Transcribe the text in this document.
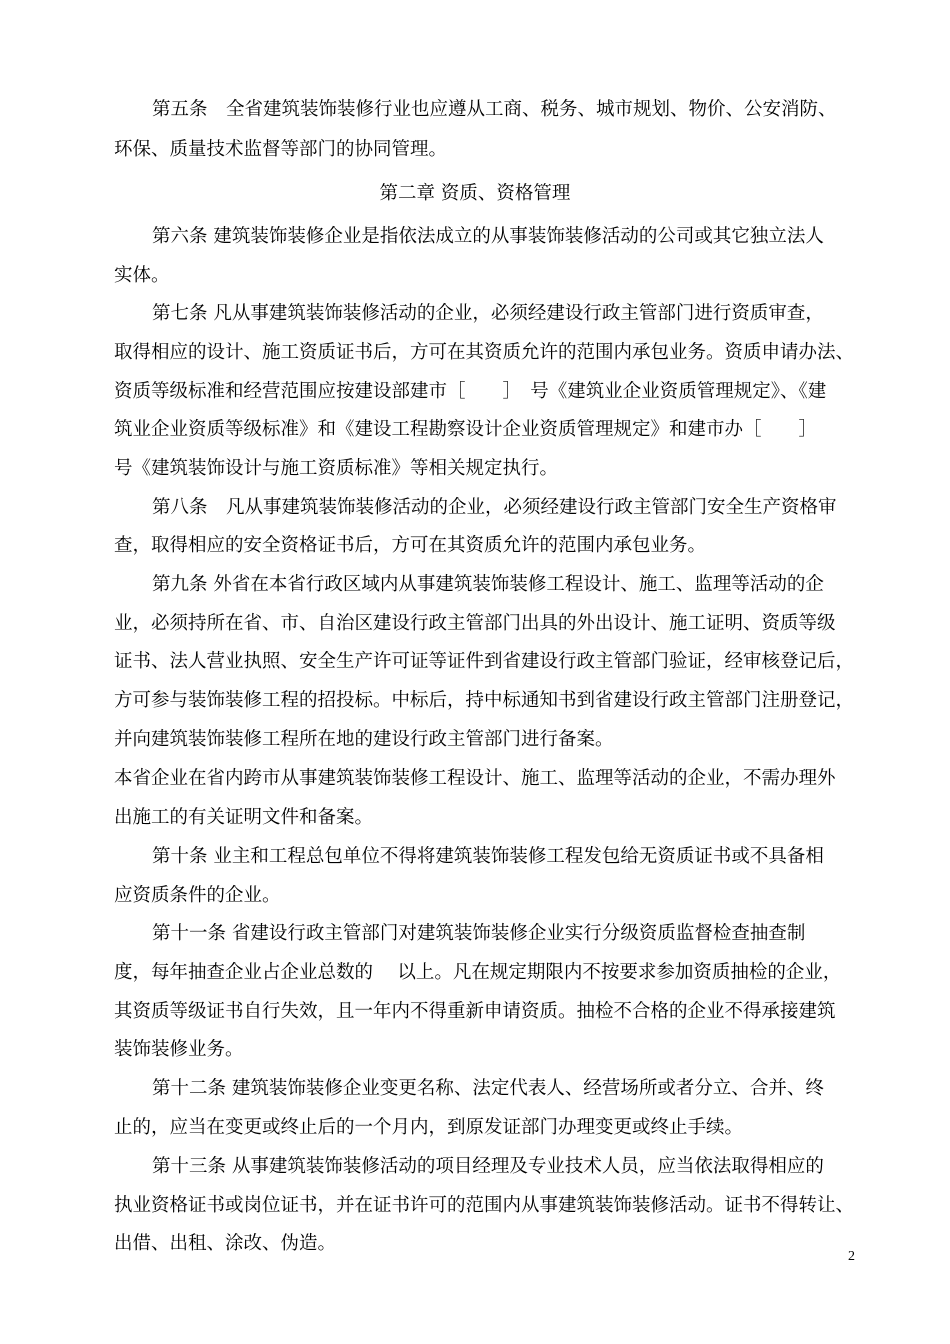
第五条　全省建筑装饰装修行业也应遵从工商、税务、城市规划、物价、公安消防、
环保、质量技术监督等部门的协同管理。
第二章 资质、资格管理
第六条 建筑装饰装修企业是指依法成立的从事装饰装修活动的公司或其它独立法人
实体。
第七条 凡从事建筑装饰装修活动的企业，必须经建设行政主管部门进行资质审查，
取得相应的设计、施工资质证书后，方可在其资质允许的范围内承包业务。资质申请办法、
资质等级标准和经营范围应按建设部建市［　　］　号《建筑业企业资质管理规定》、《建
筑业企业资质等级标准》和《建设工程勘察设计企业资质管理规定》和建市办［　　］
号《建筑装饰设计与施工资质标准》等相关规定执行。
第八条　凡从事建筑装饰装修活动的企业，必须经建设行政主管部门安全生产资格审
查，取得相应的安全资格证书后，方可在其资质允许的范围内承包业务。
第九条 外省在本省行政区域内从事建筑装饰装修工程设计、施工、监理等活动的企
业，必须持所在省、市、自治区建设行政主管部门出具的外出设计、施工证明、资质等级
证书、法人营业执照、安全生产许可证等证件到省建设行政主管部门验证，经审核登记后，
方可参与装饰装修工程的招投标。中标后，持中标通知书到省建设行政主管部门注册登记，
并向建筑装饰装修工程所在地的建设行政主管部门进行备案。
本省企业在省内跨市从事建筑装饰装修工程设计、施工、监理等活动的企业，不需办理外
出施工的有关证明文件和备案。
第十条 业主和工程总包单位不得将建筑装饰装修工程发包给无资质证书或不具备相
应资质条件的企业。
第十一条 省建设行政主管部门对建筑装饰装修企业实行分级资质监督检查抽查制
度，每年抽查企业占企业总数的　 以上。凡在规定期限内不按要求参加资质抽检的企业，
其资质等级证书自行失效，且一年内不得重新申请资质。抽检不合格的企业不得承接建筑
装饰装修业务。
第十二条 建筑装饰装修企业变更名称、法定代表人、经营场所或者分立、合并、终
止的，应当在变更或终止后的一个月内，到原发证部门办理变更或终止手续。
第十三条 从事建筑装饰装修活动的项目经理及专业技术人员，应当依法取得相应的
执业资格证书或岗位证书，并在证书许可的范围内从事建筑装饰装修活动。证书不得转让、
出借、出租、涂改、伪造。
2
